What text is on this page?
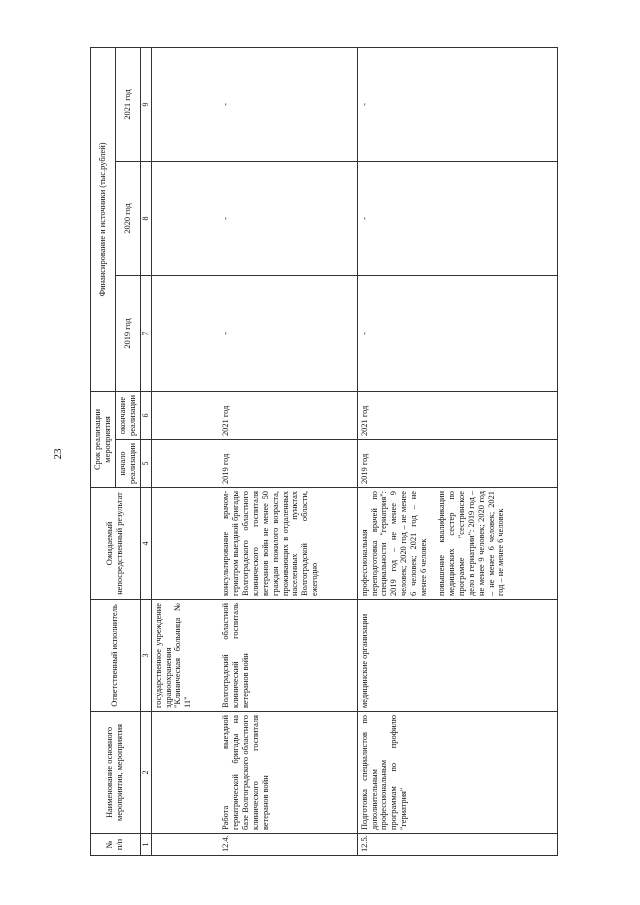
23
№ п/п	Наименование основного мероприятия, мероприятия	Ответственный исполнитель	Ожидаемый непосредственный результат	Срок реализации мероприятия		Финансирование и источники (тыс.рублей)		
				начало реализации	окончание реализации	2019 год	2020 год	2021 год
1	2	3	4	5	6	7	8	9
		государственное учреждение здравоохранения "Клиническая больница № 11"						
12.4.	Работа выездной гериатрической бригады на базе Волгоградского областного клинического госпиталя ветеранов войн	Волгоградский областной клинический госпиталь ветеранов войн	консультирование врачом-гериатром выездной бригады Волгоградского областного клинического госпиталя ветеранов войн не менее 50 граждан пожилого возраста, проживающих в отдаленных населенных пунктах Волгоградской области, ежегодно	2019 год	2021 год	-	-	-
12.5.	Подготовка специалистов по дополнительным профессиональным программам по профилю "гериатрия"	медицинские организации	профессиональная переподготовка врачей по специальности "гериатрия": 2019 год – не менее 9 человек; 2020 год – не менее 6 человек; 2021 год – не менее 6 человек повышение квалификации медицинских сестер по программе "сестринское дело в гериатрии": 2019 год – не менее 9 человек; 2020 год – не менее 6 человек; 2021 год – не менее 6 человек	2019 год	2021 год	-	-	-
